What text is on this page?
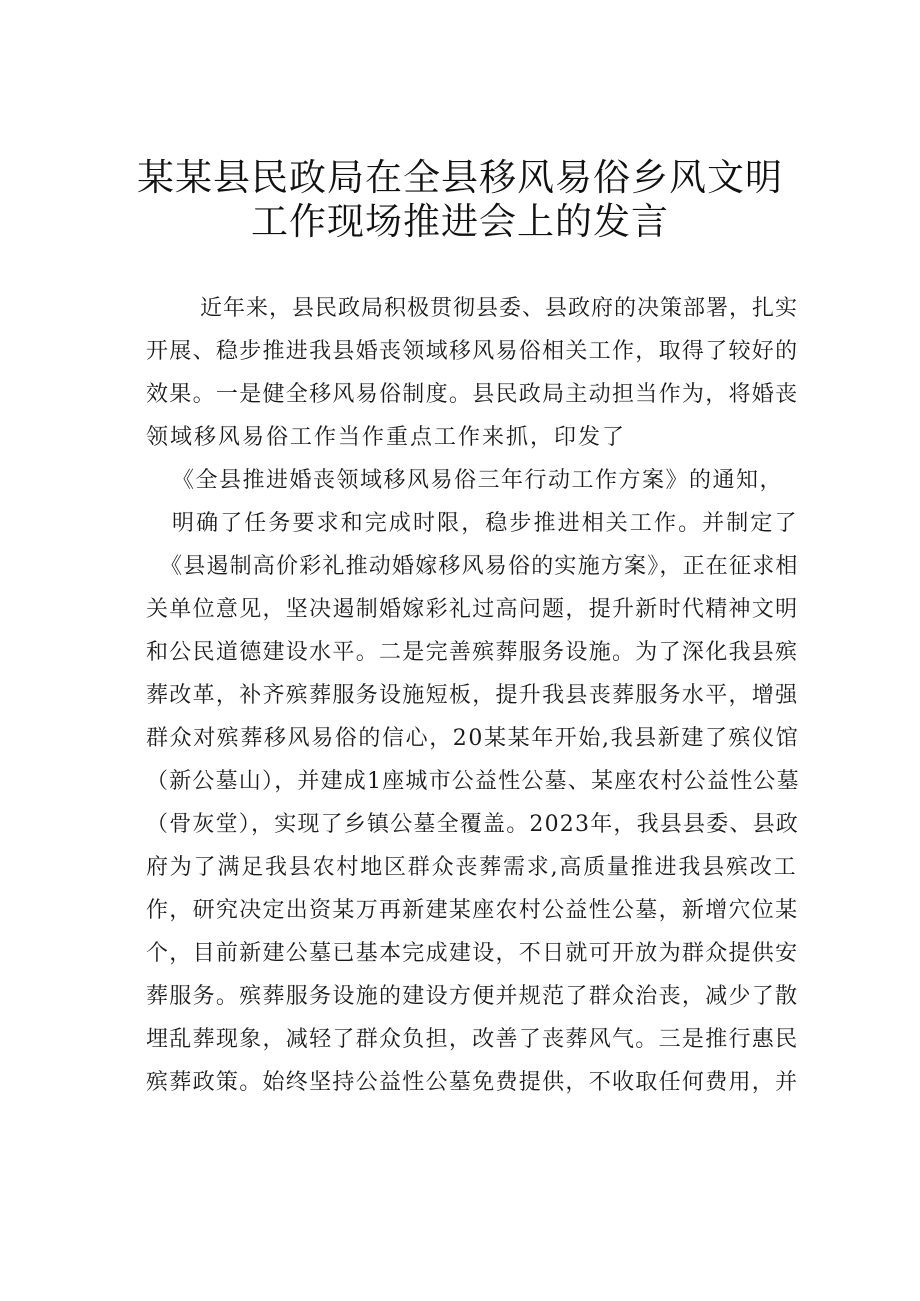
某某县民政局在全县移风易俗乡风文明
工作现场推进会上的发言
近年来，县民政局积极贯彻县委、县政府的决策部署，扎实
开展、稳步推进我县婚丧领域移风易俗相关工作，取得了较好的
效果。一是健全移风易俗制度。县民政局主动担当作为，将婚丧
领域移风易俗工作当作重点工作来抓，印发了
《全县推进婚丧领域移风易俗三年行动工作方案》的通知，
明确了任务要求和完成时限，稳步推进相关工作。并制定了
《县遏制高价彩礼推动婚嫁移风易俗的实施方案》，正在征求相
关单位意见，坚决遏制婚嫁彩礼过高问题，提升新时代精神文明
和公民道德建设水平。二是完善殡葬服务设施。为了深化我县殡
葬改革，补齐殡葬服务设施短板，提升我县丧葬服务水平，增强
群众对殡葬移风易俗的信心，20某某年开始,我县新建了殡仪馆
（新公墓山），并建成1座城市公益性公墓、某座农村公益性公墓
（骨灰堂），实现了乡镇公墓全覆盖。2023年，我县县委、县政
府为了满足我县农村地区群众丧葬需求,高质量推进我县殡改工
作，研究决定出资某万再新建某座农村公益性公墓，新增穴位某
个，目前新建公墓已基本完成建设，不日就可开放为群众提供安
葬服务。殡葬服务设施的建设方便并规范了群众治丧，减少了散
埋乱葬现象，减轻了群众负担，改善了丧葬风气。三是推行惠民
殡葬政策。始终坚持公益性公墓免费提供，不收取任何费用，并
